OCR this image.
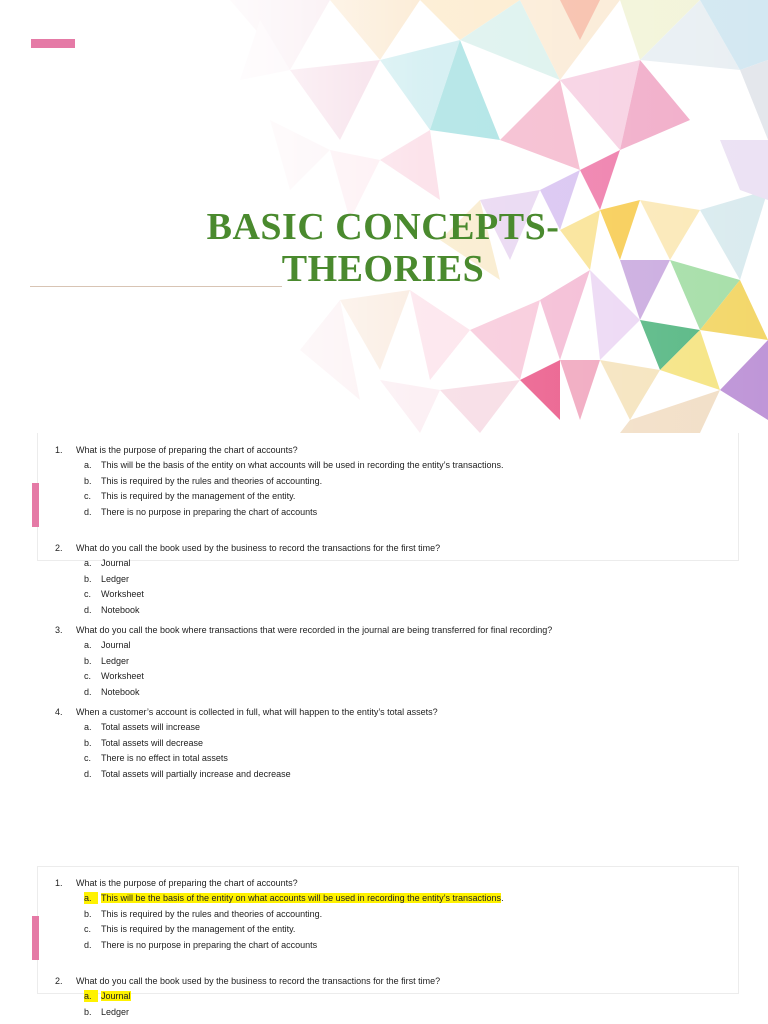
BASIC CONCEPTS-
THEORIES
1.	What is the purpose of preparing the chart of accounts?
a.	This will be the basis of the entity on what accounts will be used in recording the entity’s transactions.
b.	This is required by the rules and theories of accounting.
c.	This is required by the management of the entity.
d.	There is no purpose in preparing the chart of accounts
2.	What do you call the book used by the business to record the transactions for the first time?
a.	Journal
b.	Ledger
c.	Worksheet
d.	Notebook
3.	What do you call the book where transactions that were recorded in the journal are being transferred for final recording?
a.	Journal
b.	Ledger
c.	Worksheet
d.	Notebook
4.	When a customer’s account is collected in full, what will happen to the entity’s total assets?
a.	Total assets will increase
b.	Total assets will decrease
c.	There is no effect in total assets
d.	Total assets will partially increase and decrease
1.	What is the purpose of preparing the chart of accounts?
a.	This will be the basis of the entity on what accounts will be used in recording the entity’s transactions.
b.	This is required by the rules and theories of accounting.
c.	This is required by the management of the entity.
d.	There is no purpose in preparing the chart of accounts
2.	What do you call the book used by the business to record the transactions for the first time?
a.	Journal
b.	Ledger
